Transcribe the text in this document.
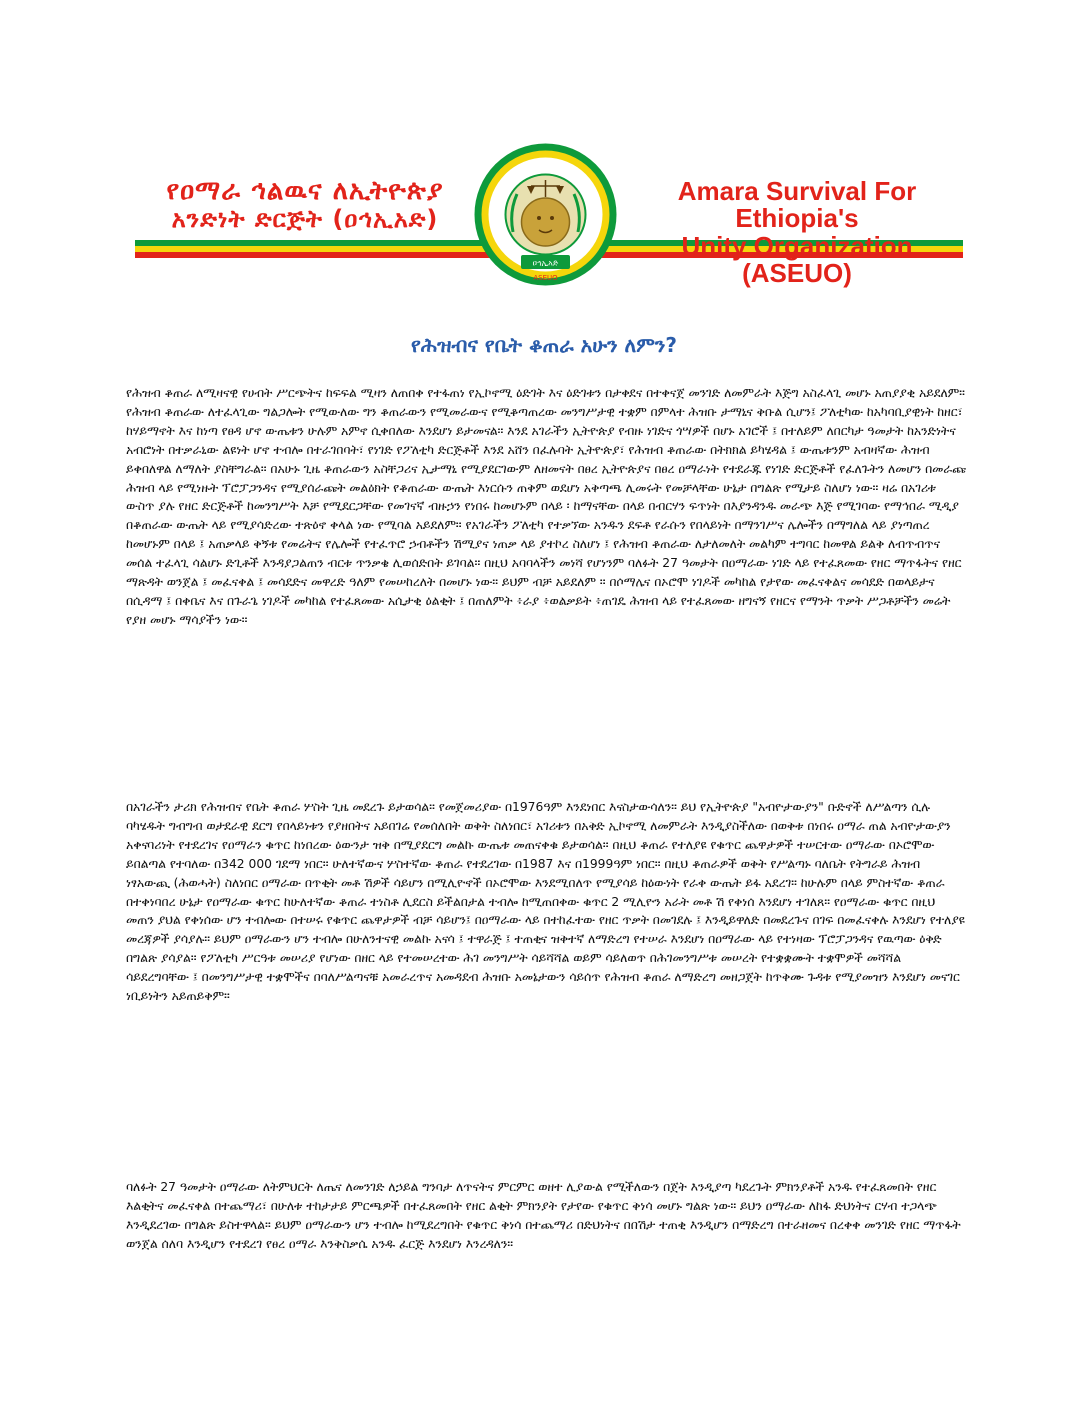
የዐማራ ኅልዉና ለኢትዮጵያ
አንድነት ድርጅት (ዐኅኢአድ)
ዐኅኢአድ
ASEUO
Amara Survival For Ethiopia's
Unity Organization (ASEUO)
የሕዝብና የቤት ቆጠራ አሁን ለምን?

የሕዝብ ቆጠራ ለሚዛናዊ የሀብት ሥርጭትና ከፍፍል ሚዛን ለጠበቀ የተፋጠነ የኢኮኖሚ ዕድገት እና ዕድገቱን በታቀደና በተቀናጀ መንገድ ለመምራት እጅግ አስፈላጊ መሆኑ አጠያያቂ አይደለም። የሕዝብ ቆጠራው ለተፈላጊው ግልጋሎት የሚውለው ግን ቆጠራውን የሚመራውና የሚቆጣጠረው መንግሥታዊ ተቋም በምላተ ሕዝቡ ታማኒና ቅቡል ሲሆን፤ ፖለቲካው ከአካባቢያዊነት ከዘር፣ ከሃይማኖት እና ከነጣ የፀዳ ሆኖ ውጤቱን ሁሉም አምኖ ሲቀበለው እንደሆነ ይታመናል። እንደ አገራችን ኢትዮጵያ የብዙ ነገድና ጎሣዎች በሆኑ አገሮች ፤ በተለይም ለበርካታ ዓመታት ከአንድነትና አብሮነት በተቃራኒው ልዩነት ሆኖ ተብሎ በተራገበባት፣ የነገድ የፖለቲካ ድርጅቶች እንደ አሸን በፈሉባት ኢትዮጵያ፣ የሕዝብ ቆጠራው በትክክል ይካሄዳል ፤ ውጤቱንም አብዛኛው ሕዝብ ይቀበለዋል ለማለት ያስቸግራል። በአሁኑ ጊዜ ቆጠራውን አስቸጋሪና ኢታማኒ የሚያደርገውም ለዘመናት በፀረ ኢትዮጵያና በፀረ ዐማራነት የተደራጁ የነገድ ድርጅቶች የፈለጉትን ለመሆን በመራጩ ሕዝብ ላይ የሚነዙት ፕሮፓጋንዳና የሚያሰራጩት መልዕክት የቆጠራው ውጤት እነርሱን ጠቅም ወደሆነ አቅጣጫ ሊመሩት የመቻላቸው ሁኔታ በግልጽ የሚታይ ስለሆነ ነው። ዛሬ በአገሪቱ ውስጥ ያሉ የዘር ድርጅቶች ከመንግሥት እቻ የሚደርጋቸው የመገናኛ ብዙኃን የነበሩ ከመሆኑም በላይ ፡ ከማናቸው በላይ በብርሃን ፍጥነት በእያንዳንዱ መራጭ እጅ የሚገባው የማኅበራ ሚዲያ በቆጠራው ውጤት ላይ የሚያሳድረው ተጽዕኖ ቀላል ነው የሚባል አይደለም። የአገራችን ፖለቲካ የተቃኘው አንዱን ደፍቶ የራሱን የበላይነት በማንገሥና ሌሎችን በማግለል ላይ ያነጣጠረ ከመሆኑም በላይ ፤ አጠቃላይ ቅኝቱ የመሬትና የሌሎች የተፈጥሮ ኃብቶችን ሽሚያና ነጠቃ ላይ ያተኮረ ስለሆነ ፤ የሕዝብ ቆጠራው ለታለመለት መልካም ተግባር ከመዋል ይልቅ ለብጥብጥና መሰል ተፈላጊ ሳልሆኑ ድጊቶች እንዳያጋልጠን ብርቱ ጥንቃቄ ሊወሰድበት ይገባል። በዚህ አባባላችን መነሻ የሆነንም ባለፉት 27 ዓመታት በዐማራው ነገድ ላይ የተፈጸመው የዘር ማጥፋትና የዘር ማጽዳት ወንጀል ፤ መፈናቀል ፤ መሳደድና መዋረድ ዓለም የመሠከረለት በመሆኑ ነው። ይህም ብቻ አይደለም ። በሶማሌና በኦሮሞ ነገዶች መካከል የታየው መፈናቀልና መሳደድ በወላይታና በሲዳማ ፤ በቀቤና እና በጉራጌ ነገዶች መካከል የተፈጸመው አሲታቂ ዕልቂት ፤ በጠለምት ፥ራያ ፥ወልቃይት ፥ጠገዴ ሕዝብ ላይ የተፈጸመው ዘግናኝ የዘርና የማንት ጥቃት ሥጋቶቻችን መሬት የያዘ መሆኑ ማሳያችን ነው።

በአገራችን ታሪክ የሕዝብና የቤት ቆጠራ ሦስት ጊዜ መደረጉ ይታወሳል። የመጀመሪያው በ1976ዓም እንደነበር እናስታውሳለን። ይህ የኢትዮጵያ "አብዮታውያን" ቡድኖች ለሥልጣን ሲሉ ባካሄዱት ግብግብ ወታደራዊ ደርግ የበላይነቱን የያዘበትና አይበገሬ የመሰለበት ወቅት ስለነበር፣ አገሪቱን በአቅድ ኢኮኖሚ ለመምራት እንዲያስችለው በወቅቱ በነበሩ ዐማራ ጠል አብዮታውያን አቀናባሪነት የተደረገና የዐማራን ቁጥር ከነበረው ዕውንታ ዝቅ በሚያደርግ መልኩ ውጤቱ መጠናቀቁ ይታወሳል። በዚህ ቆጠራ የተለያዩ የቁጥር ጨዋታዎች ተሠርተው ዐማራው በኦሮሞው ይበልጣል የተባለው በ342 000 ገደማ ነበር። ሁለተኛውና ሦስተኛው ቆጠራ የተደረገው በ1987 እና በ1999ዓም ነበር። በዚህ ቆጠራዎች ወቅት የሥልጣኑ ባለቤት የትግራይ ሕዝብ ነፃአውጪ (ሕወሓት) ስለነበር ዐማራው በጥቂት መቶ ሽዎች ሳይሆን በሚሊዮኖች በኦሮሞው እንደሚበለጥ የሚያሳይ ከዕውነት የራቀ ውጤት ይፋ አደረገ። ከሁሉም በላይ ምስተኛው ቆጠራ በተቀነባበረ ሁኔታ የዐማራው ቁጥር ከሁለተኛው ቆጠራ ተነስቶ ሊደርስ ይችልበታል ተብሎ ከሚጠበቀው ቁጥር 2 ሚሊዮን አራት መቶ ሽ የቀነሰ እንደሆነ ተገለጸ። የዐማራው ቁጥር በዚህ መጠን ያህል የቀነሰው ሆን ተብሎው በተሠሩ የቁጥር ጨዋታዎች ብቻ ሳይሆን፤ በዐማራው ላይ በተከፈተው የዘር ጥቃት በመገደሉ ፤ እንዲይዋለድ በመደረጉና በገፍ በመፈናቀሉ እንደሆነ የተለያዩ መረጃዎች ያሳያሉ። ይህም ዐማራውን ሆን ተብሎ በሁለንተናዊ መልኩ አናሳ ፤ ተዋራጅ ፤ ተጠቂና ዝቅተኛ ለማድረግ የተሠራ እንደሆነ በዐማራው ላይ የተነዛው ፕሮፓጋንዳና የዉጣው ዕቅድ በግልጽ ያሳያል። የፖለቲካ ሥርዓቱ መሠሪያ የሆነው በዘር ላይ የተመሠረተው ሕገ መንግሥት ሳይሻሻል ወይም ሳይለወጥ በሕገመንግሥቱ መሠረት የተቋቋሙት ተቋሞዎች መሻሻል ሳይደረግባቸው ፤ በመንግሥታዊ ተቋሞችና በባለሥልጣናቹ አመራረጥና አመዳደብ ሕዝቡ አመኔታውን ሳይሰጥ የሕዝብ ቆጠራ ለማድረግ መዘጋጀት ከጥቅሙ ጉዳቱ የሚያመዝን እንደሆነ መናገር ነቢይነትን አይጠይቅም።

ባለፉት 27 ዓመታት ዐማራው ለትምህርት ለጤና ለመንገድ ለኃይል ግንባታ ለጥናትና ምርምር ወዘተ ሊያውል የሚችለውን በጀት እንዲያጣ ካደረጉት ምክንያቶች አንዱ የተፈጸመበት የዘር እልቂትና መፈናቀል በተጨማሪ፣ በሁለቱ ተከታታይ ምርጫዎች በተፈጸመበት የዘር ልቂት ምክንያት የታየው የቁጥር ቅነሳ መሆኑ ግልጽ ነው። ይህን ዐማራው ለከፋ ድህነትና ርሃብ ተጋላጭ እንዲደረገው በግልጽ ይስተዋላል። ይህም ዐማራውን ሆን ተብሎ ከሚደረግበት የቁጥር ቅነሳ በተጨማሪ በድህነትና በበሽታ ተጠቂ እንዲሆን በማድረግ በተራዘመና በረቀቀ መንገድ የዘር ማጥፋት ወንጀል ሰለባ እንዲሆን የተደረገ የፀረ ዐማራ እንቅስቃሴ አንዱ ፈርጅ እንደሆነ እንረዳለን።
